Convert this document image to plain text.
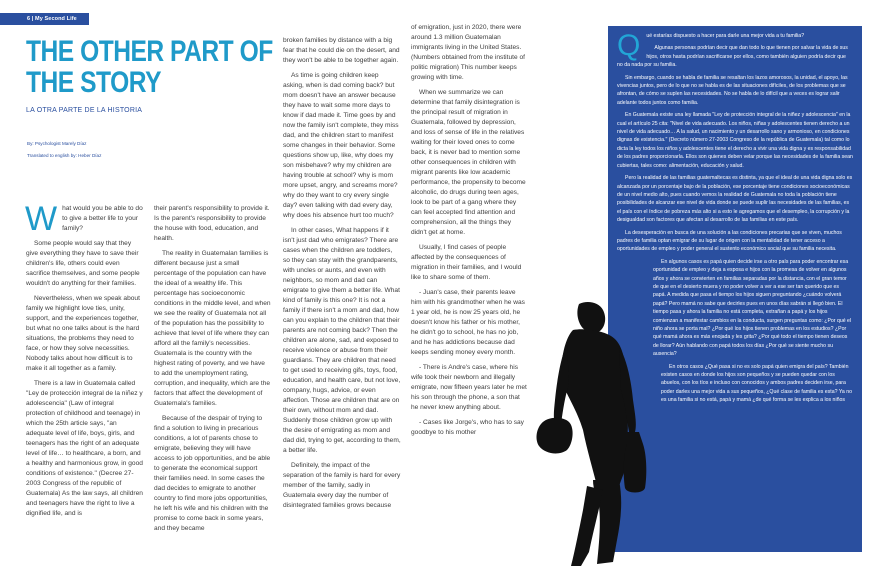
6 | My Second Life
THE OTHER PART OF
THE STORY
LA OTRA PARTE DE LA HISTORIA
By: Psychologist Marely Díaz
Translated to english by: Heber Díaz

W hat would you be able to do to give a better life to your family?

Some people would say that they give everything they have to save their children's life, others could even sacrifice themselves, and some people wouldn't do anything for their families.

Nevertheless, when we speak about family we highlight love ties, unity, support, and the experiences together, but what no one talks about is the hard situations, the problems they need to face, or how they solve necessities. Nobody talks about how difficult is to make it all together as a family.

There is a law in Guatemala called "Ley de protección integral de la niñez y adolescencia" (Law of integral protection of childhood and teenage) in which the 25th article says, "an adequate level of life, boys, girls, and teenagers has the right of an adequate level of life… to healthcare, a born, and a healthy and harmonious grow, in good conditions of existence." (Decree 27-2003 Congress of the republic of Guatemala) As the law says, all children and teenagers have the right to live a dignified life, and is

their parent's responsibility to provide it. Is the parent's responsibility to provide the house with food, education, and health.

The reality in Guatemalan families is different because just a small percentage of the population can have the ideal of a wealthy life. This percentage has socioeconomic conditions in the middle level, and when we see the reality of Guatemala not all of the population has the possibility to achieve that level of life where they can afford all the family's necessities. Guatemala is the country with the highest rating of poverty, and we have to add the unemployment rating, corruption, and inequality, which are the factors that affect the development of Guatemala's families.

Because of the despair of trying to find a solution to living in precarious conditions, a lot of parents chose to emigrate, believing they will have access to job opportunities, and be able to generate the economical support their families need. In some cases the dad decides to emigrate to another country to find more jobs opportunities, he left his wife and his children with the promise to come back in some years, and they became

broken families by distance with a big fear that he could die on the desert, and they won't be able to be together again.

As time is going children keep asking, when is dad coming back? but mom doesn't have an answer because they have to wait some more days to know if dad made it. Time goes by and now the family isn't complete, they miss dad, and the children start to manifest some changes in their behavior. Some questions show up, like, why does my son misbehave? why my children are having trouble at school? why is mom more upset, angry, and screams more? why do they want to cry every single day? even talking with dad every day, why does his absence hurt too much?

In other cases, What happens if it isn't just dad who emigrates? There are cases when the children are toddlers, so they can stay with the grandparents, with uncles or aunts, and even with neighbors, so mom and dad can emigrate to give them a better life. What kind of family is this one? It is not a family if there isn't a mom and dad, how can you explain to the children that their parents are not coming back? Then the children are alone, sad, and exposed to receive violence or abuse from their guardians. They are children that need to get used to receiving gifs, toys, food, education, and health care, but not love, company, hugs, advice, or even affection. Those are children that are on their own, without mom and dad. Suddenly those children grow up with the desire of emigrating as mom and dad did, trying to get, according to them, a better life.

Definitely, the impact of the separation of the family is hard for every member of the family, sadly in Guatemala every day the number of disintegrated families grows because

of emigration, just in 2020, there were around 1.3 million Guatemalan immigrants living in the United States. (Numbers obtained from the institute of politic migration) This number keeps growing with time.

When we summarize we can determine that family disintegration is the principal result of migration in Guatemala, followed by depression, and loss of sense of life in the relatives waiting for their loved ones to come back, it is never bad to mention some other consequences in children with migrant parents like low academic performance, the propensity to become alcoholic, do drugs during teen ages, look to be part of a gang where they can feel accepted find attention and comprehension, all the things they didn't get at home.

Usually, I find cases of people affected by the consequences of migration in their families, and I would like to share some of them.

- Juan's case, their parents leave him with his grandmother when he was 1 year old, he is now 25 years old, he doesn't know his father or his mother, he didn't go to school, he has no job, and he has addictions because dad keeps sending money every month.

- There is Andre's case, where his wife took their newborn and illegally emigrate, now fifteen years later he met his son through the phone, a son that he never knew anything about.

- Cases like Jorge's, who has to say goodbye to his mother

Q ué estarías dispuesto a hacer para darle una mejor vida a tu familia?

Algunas personas podrían decir que dan todo lo que tienen por salvar la vida de sus hijos, otros hasta podrían sacrificarse por ellos, como también alguien podría decir que no da nada por su familia.

Sin embargo, cuando se habla de familia se resaltan los lazos amorosos, la unidad, el apoyo, las vivencias juntos, pero de lo que no se habla es de las situaciones difíciles, de los problemas que se afrontan, de cómo se suplen las necesidades. No se habla de lo difícil que a veces es lograr salir adelante todos juntos como familia.

En Guatemala existe una ley llamada "Ley de protección integral de la niñez y adolescencia" en la cual el artículo 25 cita: "Nivel de vida adecuado. Los niños, niñas y adolescentes tienen derecho a un nivel de vida adecuado… A la salud, un nacimiento y un desarrollo sano y armonioso, en condiciones dignas de existencia." (Decreto número 27-2003 Congreso de la república de Guatemala) tal como lo dicta la ley todos los niños y adolescentes tiene el derecho a vivir una vida digna y es responsabilidad de los padres proporcionarla. Ellos son quienes deben velar porque las necesidades de la familia sean cubiertas, tales como: alimentación, educación y salud.

Pero la realidad de las familias guatemaltecas es distinta, ya que el ideal de una vida digna solo es alcanzada por un porcentaje bajo de la población, ese porcentaje tiene condiciones socioeconómicas de un nivel medio alto, pues cuando vemos la realidad de Guatemala no toda la población tiene posibilidades de alcanzar ese nivel de vida donde se puede suplir las necesidades de las familias, es el país con el índice de pobreza más alto si a esto le agregamos que el desempleo, la corrupción y la desigualdad son factores que afectan al desarrollo de las familias en este país.

La desesperación en busca de una solución a las condiciones precarias que se viven, muchos padres de familia optan emigrar de su lugar de origen con la mentalidad de tener acceso a oportunidades de empleo y poder general el sustento económico social que su familia necesita.

En algunos casos es papá quien decide irse a otro país para poder encontrar esa oportunidad de empleo y deja a esposa e hijos con la promesa de volver en algunos años y ahora se convierten en familias separadas por la distancia, con el gran temor de que en el desierto muera y no poder volver a ver a ese ser tan querido que es papá. A medida que pasa el tiempo los hijos siguen preguntando ¿cuándo volverá papá? Pero mamá no sabe que decirles pues en unos días sabrán si llegó bien. El tiempo pasa y ahora la familia no está completa, extrañan a papá y los hijos comienzan a manifestar cambios en la conducta, surgen preguntas como: ¿Por qué el niño ahora se porta mal? ¿Por qué los hijos tienen problemas en los estudios? ¿Por qué mamá ahora es más enojada y les grita? ¿Por qué todo el tiempo tienen deseos de llorar? Aún hablando con papá todos los días ¿Por qué se siente mucho su ausencia?

En otros casos ¿Qué pasa si no es solo papá quien emigra del país? También existen casos en donde los hijos son pequeños y se pueden quedar con los abuelos, con los tíos e incluso con conocidos y ambos padres deciden irse, para poder darles una mejor vida a sus pequeños, ¿Qué clase de familia es esta? Ya no es una familia si no está, papá y mamá ¿de qué forma se les explica a los niños
